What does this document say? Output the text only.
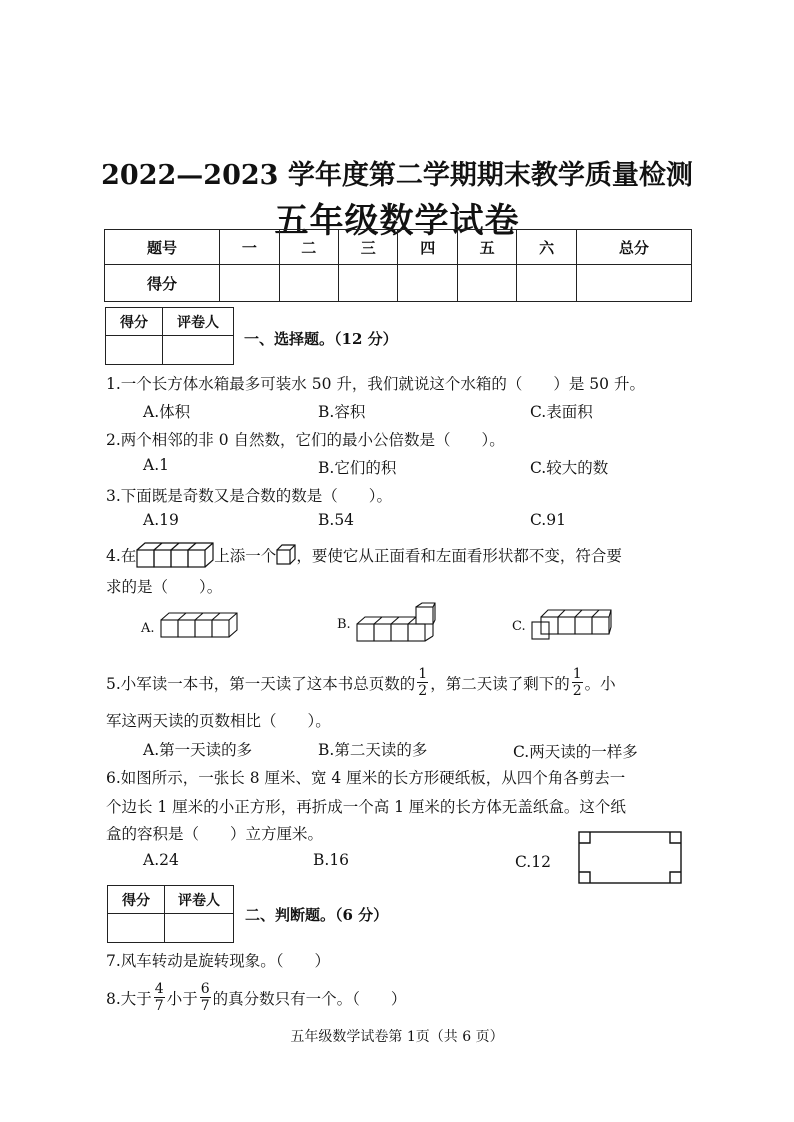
2022—2023 学年度第二学期期末教学质量检测
五年级数学试卷
题号	一	二	三	四	五	六	总分
得分							
得分	评卷人

一、选择题。（12 分）
1.一个长方体水箱最多可装水 50 升，我们就说这个水箱的（　　）是 50 升。
A.体积	B.容积	C.表面积
2.两个相邻的非 0 自然数，它们的最小公倍数是（　　）。
A.1	B.它们的积	C.较大的数
3.下面既是奇数又是合数的数是（　　）。
A.19	B.54	C.91
4.在	上添一个 ，要使它从正面看和左面看形状都不变，符合要
求的是（　　）。
A.	B.	C.
5.小军读一本书，第一天读了这本书总页数的 $\frac{1}{2}$ ，第二天读了剩下的 $\frac{1}{2}$ 。小
军这两天读的页数相比（　　）。
A.第一天读的多	B.第二天读的多	C.两天读的一样多
6.如图所示，一张长 8 厘米、宽 4 厘米的长方形硬纸板，从四个角各剪去一
个边长 1 厘米的小正方形，再折成一个高 1 厘米的长方体无盖纸盒。这个纸
盒的容积是（　　）立方厘米。
A.24	B.16	C.12
得分	评卷人

二、判断题。（6 分）
7.风车转动是旋转现象。（　　）
8.大于 $\frac{4}{7}$ 小于 $\frac{6}{7}$ 的真分数只有一个。（　　）
五年级数学试卷第 1页（共 6 页）
